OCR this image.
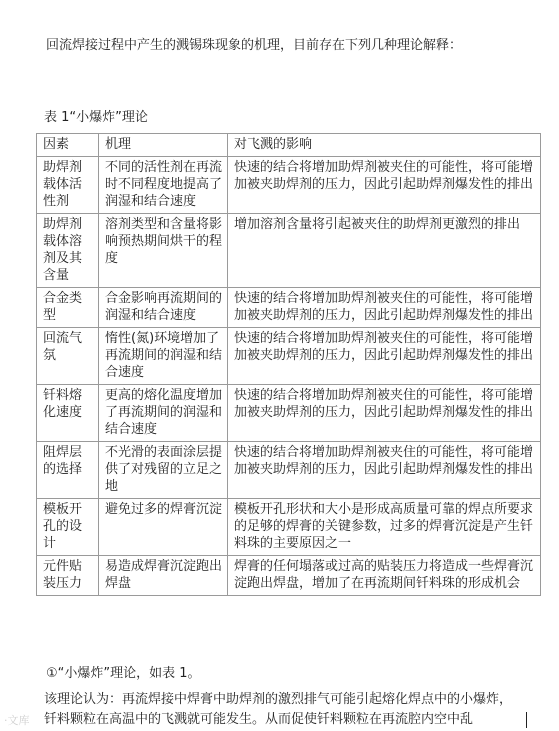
回流焊接过程中产生的溅锡珠现象的机理，目前存在下列几种理论解释：
表 1“小爆炸”理论
因素	机理	对飞溅的影响
助焊剂载体活性剂	不同的活性剂在再流时不同程度地提高了润湿和结合速度	快速的结合将增加助焊剂被夹住的可能性，将可能增加被夹助焊剂的压力，因此引起助焊剂爆发性的排出
助焊剂载体溶剂及其含量	溶剂类型和含量将影响预热期间烘干的程度	增加溶剂含量将引起被夹住的助焊剂更激烈的排出
合金类型	合金影响再流期间的润湿和结合速度	快速的结合将增加助焊剂被夹住的可能性，将可能增加被夹助焊剂的压力，因此引起助焊剂爆发性的排出
回流气氛	惰性(氮)环境增加了再流期间的润湿和结合速度	快速的结合将增加助焊剂被夹住的可能性，将可能增加被夹助焊剂的压力，因此引起助焊剂爆发性的排出
钎料熔化速度	更高的熔化温度增加了再流期间的润湿和结合速度	快速的结合将增加助焊剂被夹住的可能性，将可能增加被夹助焊剂的压力，因此引起助焊剂爆发性的排出
阻焊层的选择	不光滑的表面涂层提供了对残留的立足之地	快速的结合将增加助焊剂被夹住的可能性，将可能增加被夹助焊剂的压力，因此引起助焊剂爆发性的排出
模板开孔的设计	避免过多的焊膏沉淀	模板开孔形状和大小是形成高质量可靠的焊点所要求的足够的焊膏的关键参数，过多的焊膏沉淀是产生钎料珠的主要原因之一
元件贴装压力	易造成焊膏沉淀跑出焊盘	焊膏的任何塌落或过高的贴装压力将造成一些焊膏沉淀跑出焊盘，增加了在再流期间钎料珠的形成机会
①“小爆炸”理论，如表 1。
该理论认为：再流焊接中焊膏中助焊剂的激烈排气可能引起熔化焊点中的小爆炸，钎料颗粒在高温中的飞溅就可能发生。从而促使钎料颗粒在再流腔内空中乱
·文库
